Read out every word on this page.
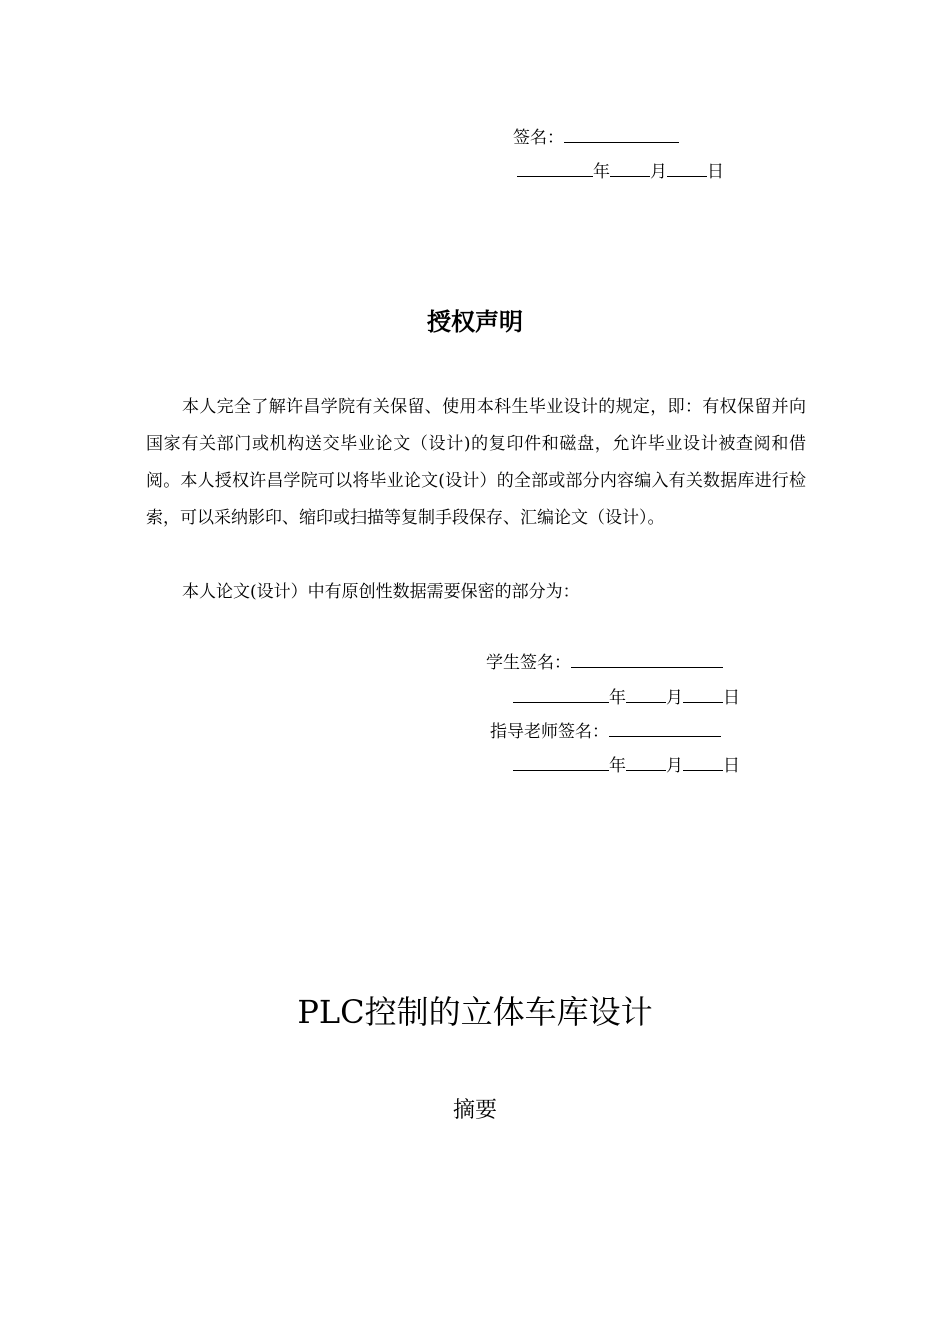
签名：
年 月 日
授权声明
本人完全了解许昌学院有关保留、使用本科生毕业设计的规定，即：有权保留并向国家有关部门或机构送交毕业论文（设计)的复印件和磁盘，允许毕业设计被查阅和借阅。本人授权许昌学院可以将毕业论文(设计）的全部或部分内容编入有关数据库进行检索，可以采纳影印、缩印或扫描等复制手段保存、汇编论文（设计）。
本人论文(设计）中有原创性数据需要保密的部分为：
学生签名：
年 月 日
指导老师签名：
年 月 日
PLC控制的立体车库设计
摘要
